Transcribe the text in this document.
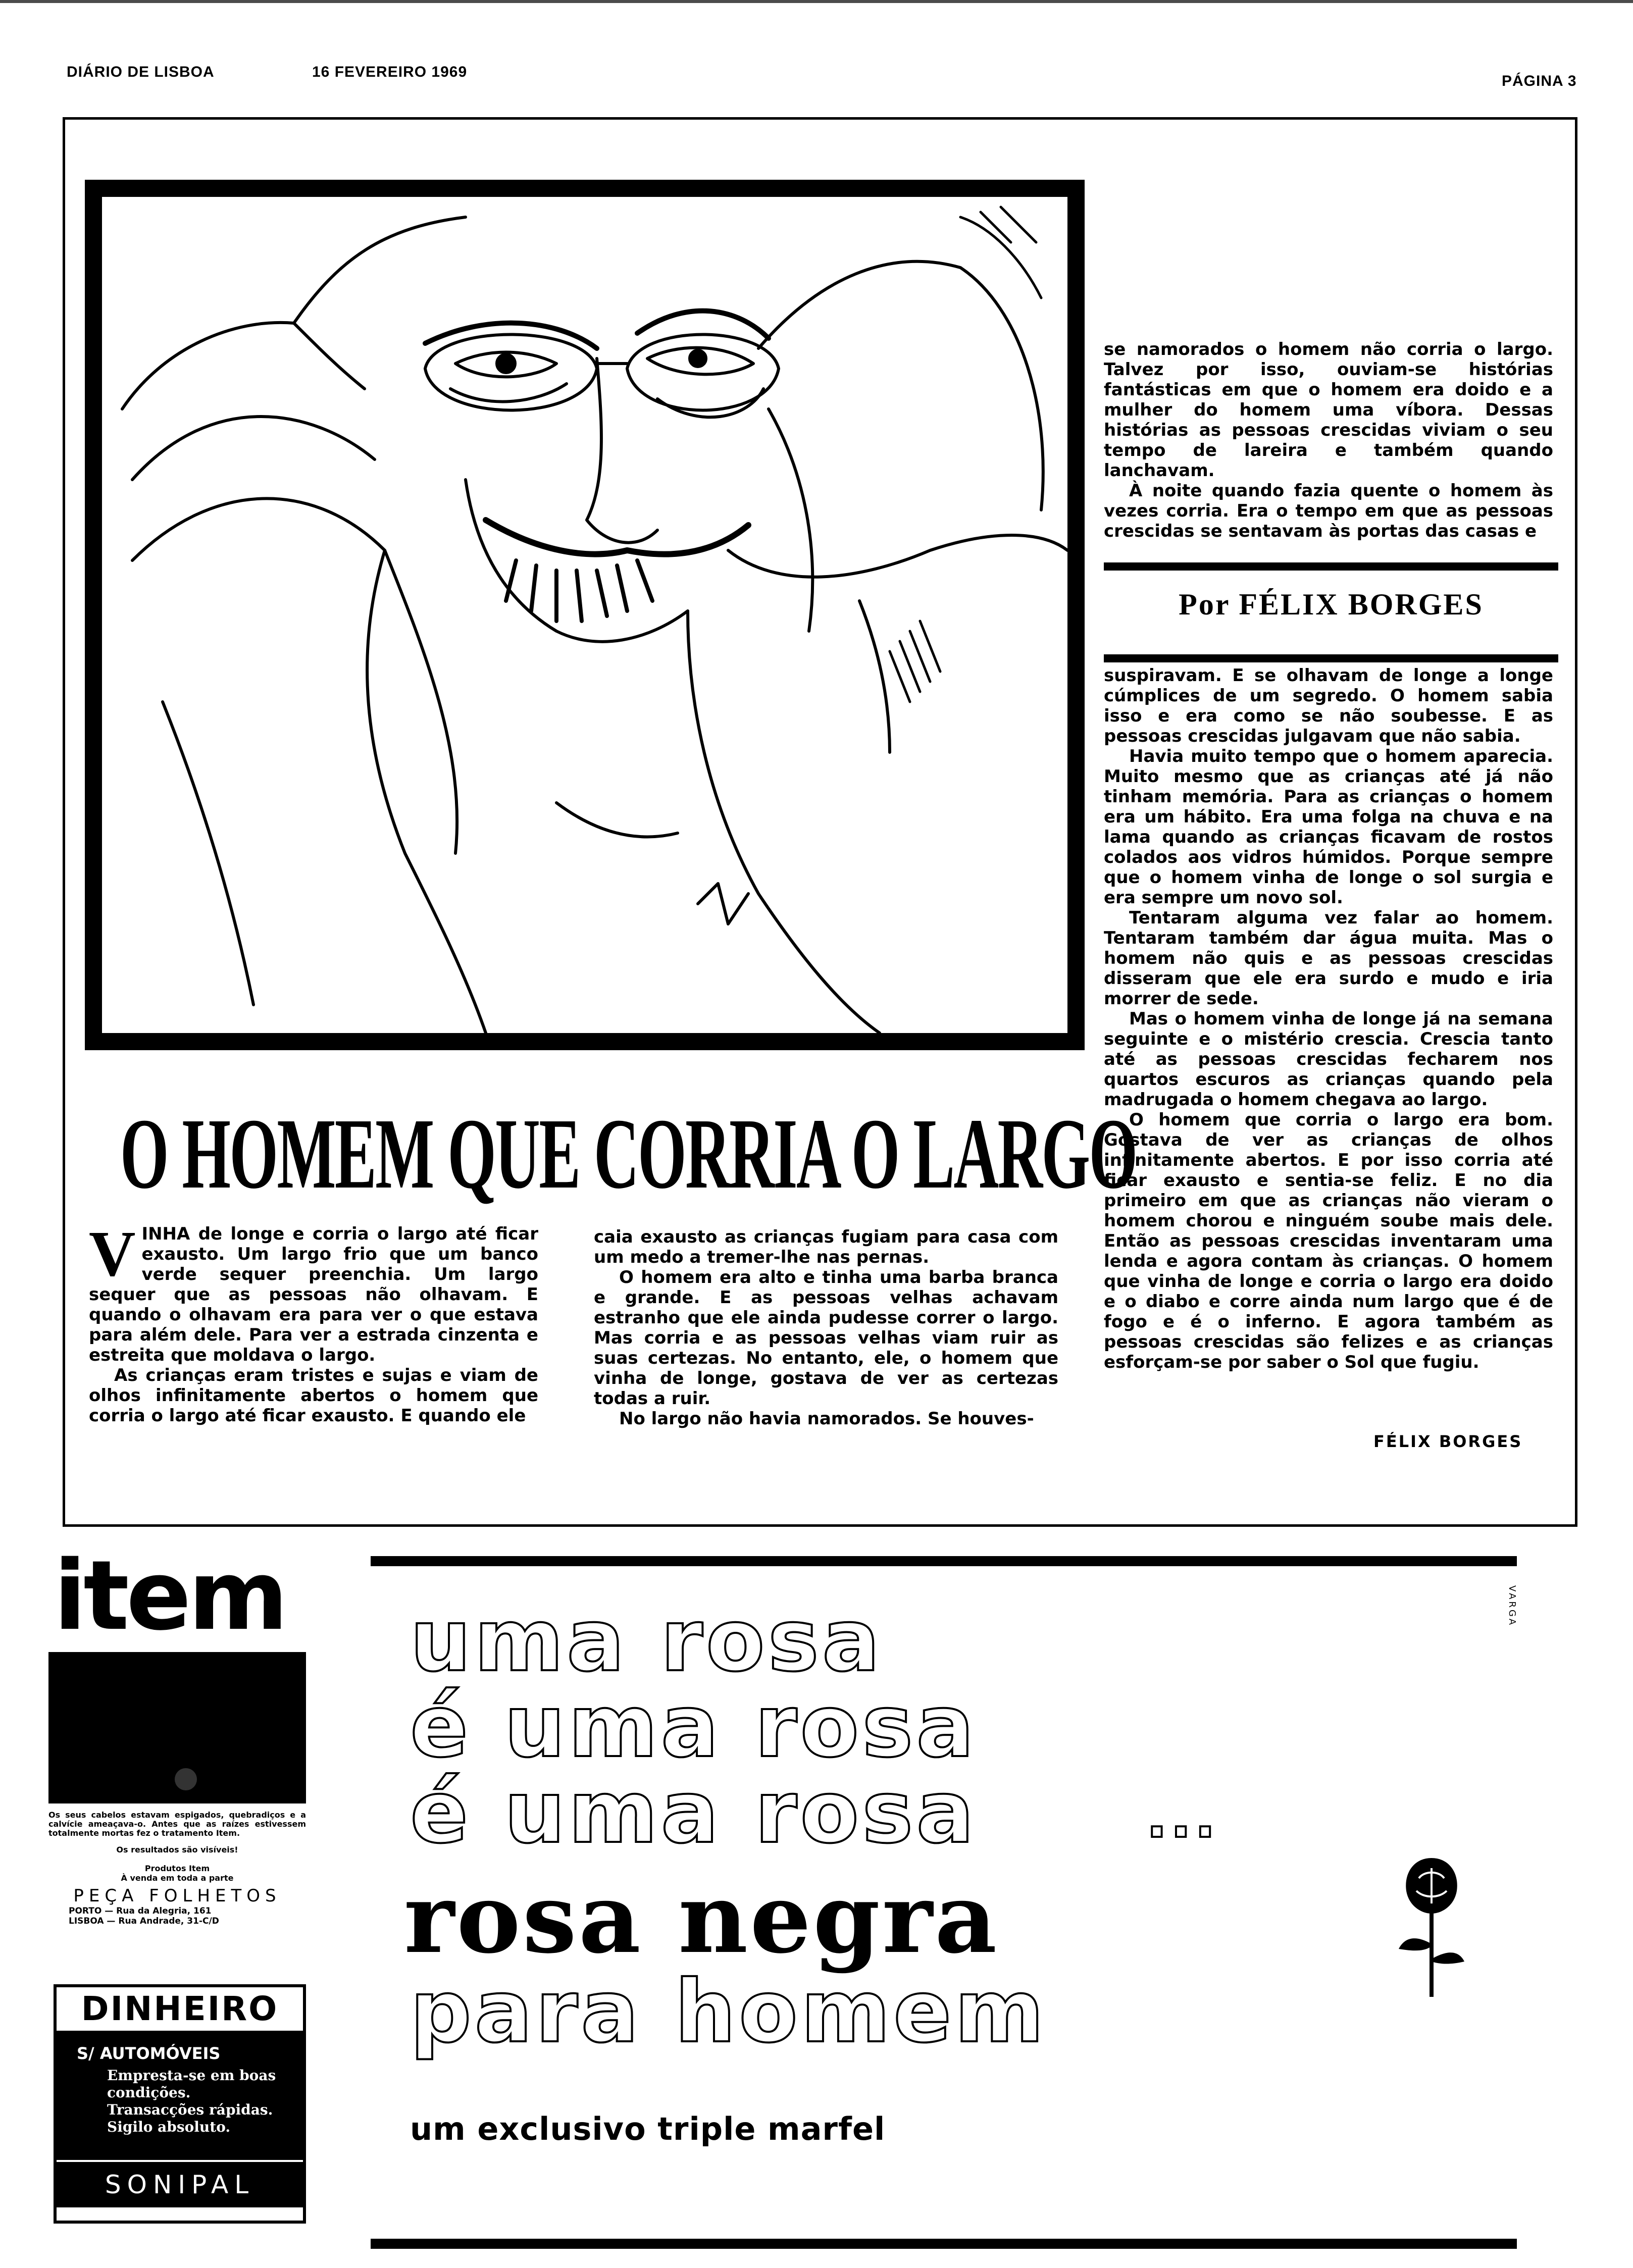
DIÁRIO DE LISBOA	16 FEVEREIRO 1969
PÁGINA 3

se namorados o homem não corria o largo. Talvez por isso, ouviam-se histórias fantásticas em que o homem era doido e a mulher do homem uma víbora. Dessas histórias as pessoas crescidas viviam o seu tempo de lareira e também quando lanchavam.

À noite quando fazia quente o homem às vezes corria. Era o tempo em que as pessoas crescidas se sentavam às portas das casas e

Por FÉLIX BORGES

suspiravam. E se olhavam de longe a longe cúmplices de um segredo. O homem sabia isso e era como se não soubesse. E as pessoas crescidas julgavam que não sabia.

Havia muito tempo que o homem aparecia. Muito mesmo que as crianças até já não tinham memória. Para as crianças o homem era um hábito. Era uma folga na chuva e na lama quando as crianças ficavam de rostos colados aos vidros húmidos. Porque sempre que o homem vinha de longe o sol surgia e era sempre um novo sol.

Tentaram alguma vez falar ao homem. Tentaram também dar água muita. Mas o homem não quis e as pessoas crescidas disseram que ele era surdo e mudo e iria morrer de sede.

Mas o homem vinha de longe já na semana seguinte e o mistério crescia. Crescia tanto até as pessoas crescidas fecharem nos quartos escuros as crianças quando pela madrugada o homem chegava ao largo.

O homem que corria o largo era bom. Gostava de ver as crianças de olhos infinitamente abertos. E por isso corria até ficar exausto e sentia-se feliz. E no dia primeiro em que as crianças não vieram o homem chorou e ninguém soube mais dele. Então as pessoas crescidas inventaram uma lenda e agora contam às crianças. O homem que vinha de longe e corria o largo era doido e o diabo e corre ainda num largo que é de fogo e é o inferno. E agora também as pessoas crescidas são felizes e as crianças esforçam-se por saber o Sol que fugiu.

FÉLIX BORGES
O HOMEM QUE CORRIA O LARGO

VINHA de longe e corria o largo até ficar exausto. Um largo frio que um banco verde sequer preenchia. Um largo sequer que as pessoas não olhavam. E quando o olhavam era para ver o que estava para além dele. Para ver a estrada cinzenta e estreita que moldava o largo.

As crianças eram tristes e sujas e viam de olhos infinitamente abertos o homem que corria o largo até ficar exausto. E quando ele

caia exausto as crianças fugiam para casa com um medo a tremer-lhe nas pernas.

O homem era alto e tinha uma barba branca e grande. E as pessoas velhas achavam estranho que ele ainda pudesse correr o largo. Mas corria e as pessoas velhas viam ruir as suas certezas. No entanto, ele, o homem que vinha de longe, gostava de ver as certezas todas a ruir.

No largo não havia namorados. Se houves-

item
Os seus cabelos estavam espigados, quebradiços e a calvície ameaçava-o. Antes que as raízes estivessem totalmente mortas fez o tratamento Item.
Os resultados são visíveis!
Produtos Item
À venda em toda a parte
PEÇA FOLHETOS
PORTO — Rua da Alegria, 161
LISBOA — Rua Andrade, 31-C/D
DINHEIRO
S/ AUTOMÓVEIS
Empresta-se em boas condições. Transacções rápidas. Sigilo absoluto.
SONIPAL
VARGA
uma rosa
é uma rosa
é uma rosa	...
rosa negra
para homem
um exclusivo triple marfel
